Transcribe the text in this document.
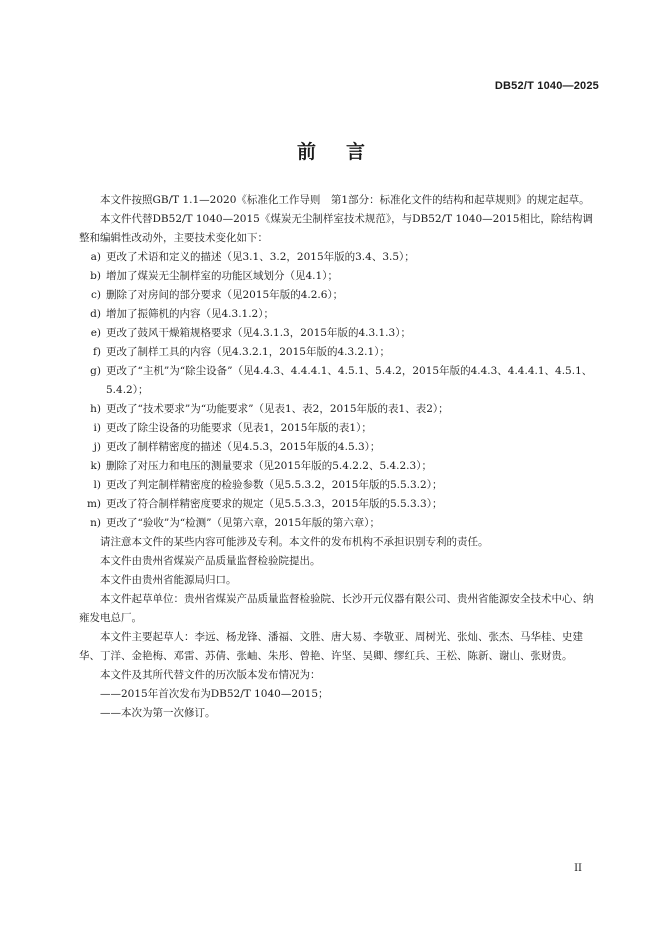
DB52/T 1040—2025
前 言

本文件按照GB/T 1.1—2020《标准化工作导则　第1部分：标准化文件的结构和起草规则》的规定起草。

本文件代替DB52/T 1040—2015《煤炭无尘制样室技术规范》，与DB52/T 1040—2015相比，除结构调整和编辑性改动外，主要技术变化如下：

a) 更改了术语和定义的描述（见3.1、3.2，2015年版的3.4、3.5）；

b) 增加了煤炭无尘制样室的功能区域划分（见4.1）；

c) 删除了对房间的部分要求（见2015年版的4.2.6）；

d) 增加了振筛机的内容（见4.3.1.2）；

e) 更改了鼓风干燥箱规格要求（见4.3.1.3，2015年版的4.3.1.3）；

f) 更改了制样工具的内容（见4.3.2.1，2015年版的4.3.2.1）；

g) 更改了“主机”为“除尘设备”（见4.4.3、4.4.4.1、4.5.1、5.4.2，2015年版的4.4.3、4.4.4.1、4.5.1、5.4.2）；

h) 更改了“技术要求”为“功能要求”（见表1、表2，2015年版的表1、表2）；

i) 更改了除尘设备的功能要求（见表1，2015年版的表1）；

j) 更改了制样精密度的描述（见4.5.3，2015年版的4.5.3）；

k) 删除了对压力和电压的测量要求（见2015年版的5.4.2.2、5.4.2.3）；

l) 更改了判定制样精密度的检验参数（见5.5.3.2，2015年版的5.5.3.2）；

m) 更改了符合制样精密度要求的规定（见5.5.3.3，2015年版的5.5.3.3）；

n) 更改了“验收”为“检测”（见第六章，2015年版的第六章）；

请注意本文件的某些内容可能涉及专利。本文件的发布机构不承担识别专利的责任。

本文件由贵州省煤炭产品质量监督检验院提出。

本文件由贵州省能源局归口。

本文件起草单位：贵州省煤炭产品质量监督检验院、长沙开元仪器有限公司、贵州省能源安全技术中心、纳雍发电总厂。

本文件主要起草人：李远、杨龙锋、潘福、文胜、唐大易、李敬亚、周树光、张灿、张杰、马华桂、史建华、丁洋、金艳梅、邓雷、苏倩、张岫、朱彤、曾艳、许坚、吴卿、缪红兵、王松、陈新、谢山、张财贵。

本文件及其所代替文件的历次版本发布情况为：

——2015年首次发布为DB52/T 1040—2015；

——本次为第一次修订。

II
